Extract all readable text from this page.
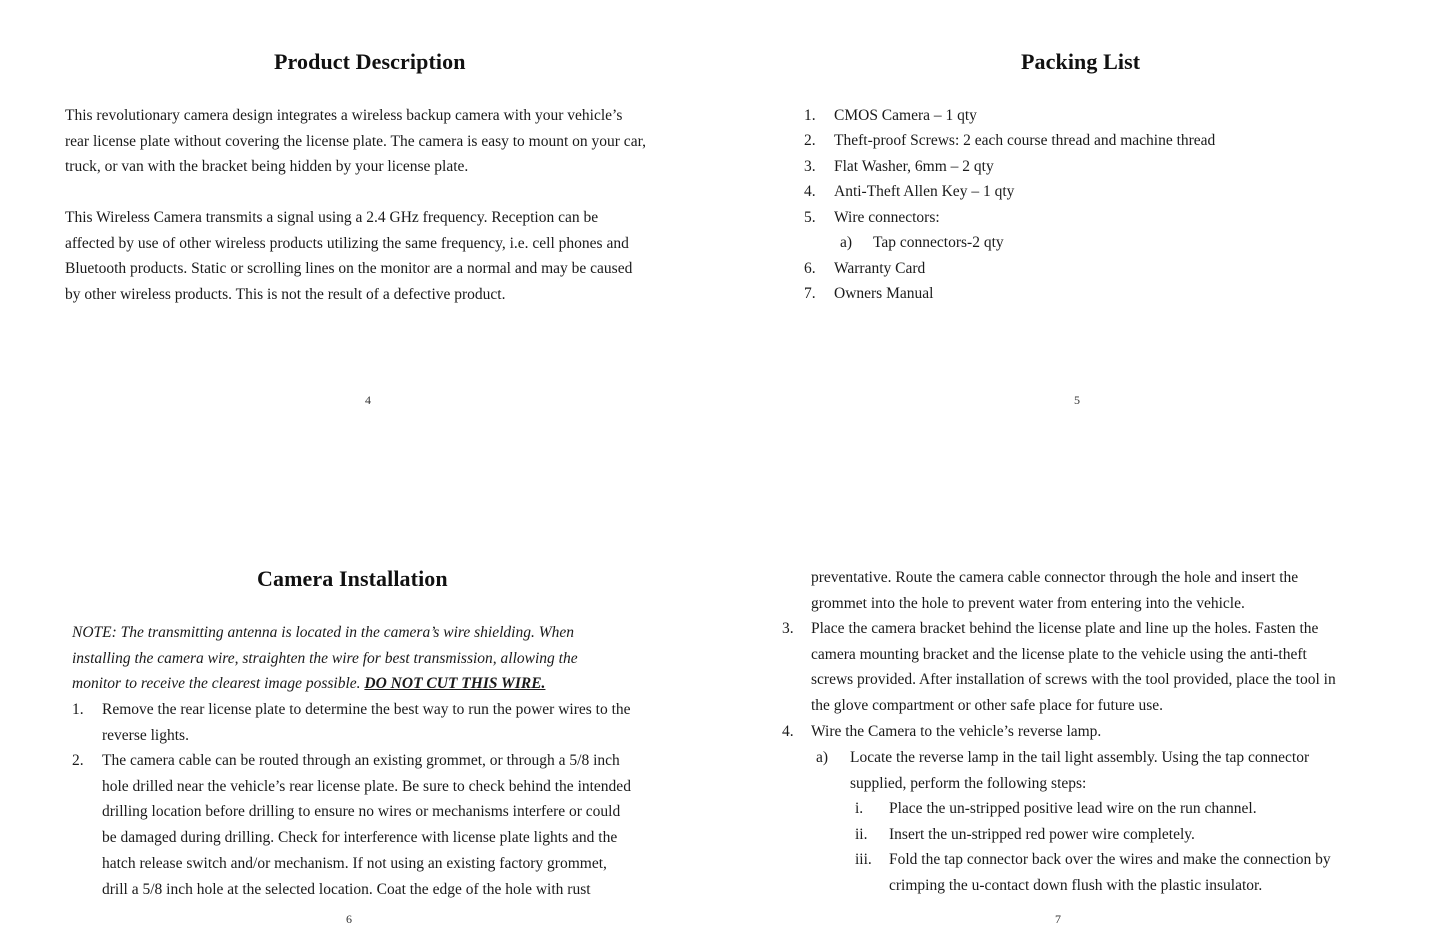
Product Description
This revolutionary camera design integrates a wireless backup camera with your vehicle’s
rear license plate without covering the license plate. The camera is easy to mount on your car,
truck, or van with the bracket being hidden by your license plate.
This Wireless Camera transmits a signal using a 2.4 GHz frequency. Reception can be
affected by use of other wireless products utilizing the same frequency, i.e. cell phones and
Bluetooth products. Static or scrolling lines on the monitor are a normal and may be caused
by other wireless products. This is not the result of a defective product.
4
Packing List
1. CMOS Camera – 1 qty
2. Theft-proof Screws: 2 each course thread and machine thread
3. Flat Washer, 6mm – 2 qty
4. Anti-Theft Allen Key – 1 qty
5. Wire connectors:
a) Tap connectors-2 qty
6. Warranty Card
7. Owners Manual
5
Camera Installation
NOTE: The transmitting antenna is located in the camera’s wire shielding. When
installing the camera wire, straighten the wire for best transmission, allowing the
monitor to receive the clearest image possible. DO NOT CUT THIS WIRE.
1. Remove the rear license plate to determine the best way to run the power wires to the
reverse lights.
2. The camera cable can be routed through an existing grommet, or through a 5/8 inch
hole drilled near the vehicle’s rear license plate. Be sure to check behind the intended
drilling location before drilling to ensure no wires or mechanisms interfere or could
be damaged during drilling. Check for interference with license plate lights and the
hatch release switch and/or mechanism. If not using an existing factory grommet,
drill a 5/8 inch hole at the selected location. Coat the edge of the hole with rust
6
preventative. Route the camera cable connector through the hole and insert the
grommet into the hole to prevent water from entering into the vehicle.
3. Place the camera bracket behind the license plate and line up the holes. Fasten the
camera mounting bracket and the license plate to the vehicle using the anti-theft
screws provided. After installation of screws with the tool provided, place the tool in
the glove compartment or other safe place for future use.
4. Wire the Camera to the vehicle’s reverse lamp.
a) Locate the reverse lamp in the tail light assembly. Using the tap connector
supplied, perform the following steps:
i. Place the un-stripped positive lead wire on the run channel.
ii. Insert the un-stripped red power wire completely.
iii. Fold the tap connector back over the wires and make the connection by
crimping the u-contact down flush with the plastic insulator.
7
